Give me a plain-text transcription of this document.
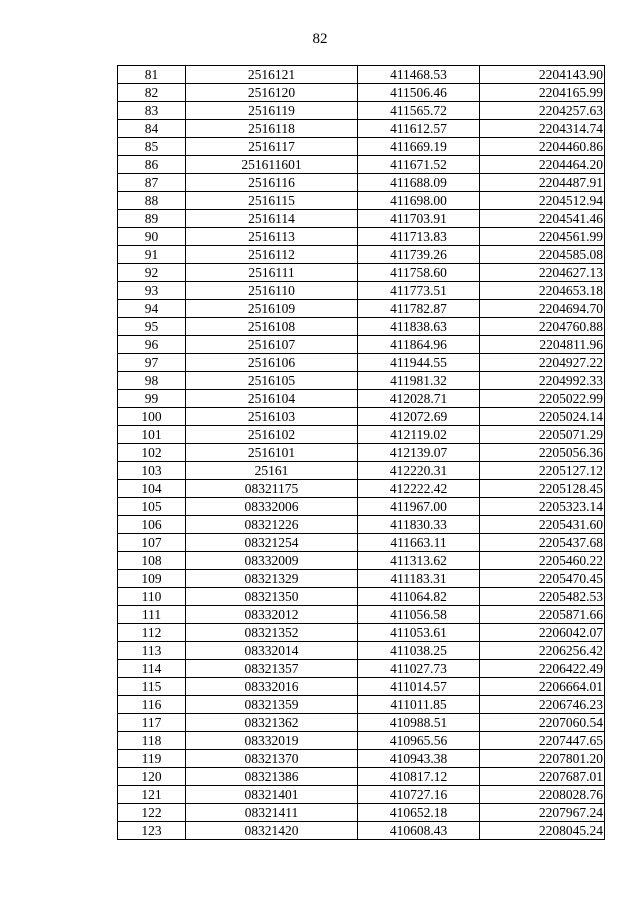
82
81	2516121	411468.53	2204143.90
82	2516120	411506.46	2204165.99
83	2516119	411565.72	2204257.63
84	2516118	411612.57	2204314.74
85	2516117	411669.19	2204460.86
86	251611601	411671.52	2204464.20
87	2516116	411688.09	2204487.91
88	2516115	411698.00	2204512.94
89	2516114	411703.91	2204541.46
90	2516113	411713.83	2204561.99
91	2516112	411739.26	2204585.08
92	2516111	411758.60	2204627.13
93	2516110	411773.51	2204653.18
94	2516109	411782.87	2204694.70
95	2516108	411838.63	2204760.88
96	2516107	411864.96	2204811.96
97	2516106	411944.55	2204927.22
98	2516105	411981.32	2204992.33
99	2516104	412028.71	2205022.99
100	2516103	412072.69	2205024.14
101	2516102	412119.02	2205071.29
102	2516101	412139.07	2205056.36
103	25161	412220.31	2205127.12
104	08321175	412222.42	2205128.45
105	08332006	411967.00	2205323.14
106	08321226	411830.33	2205431.60
107	08321254	411663.11	2205437.68
108	08332009	411313.62	2205460.22
109	08321329	411183.31	2205470.45
110	08321350	411064.82	2205482.53
111	08332012	411056.58	2205871.66
112	08321352	411053.61	2206042.07
113	08332014	411038.25	2206256.42
114	08321357	411027.73	2206422.49
115	08332016	411014.57	2206664.01
116	08321359	411011.85	2206746.23
117	08321362	410988.51	2207060.54
118	08332019	410965.56	2207447.65
119	08321370	410943.38	2207801.20
120	08321386	410817.12	2207687.01
121	08321401	410727.16	2208028.76
122	08321411	410652.18	2207967.24
123	08321420	410608.43	2208045.24
